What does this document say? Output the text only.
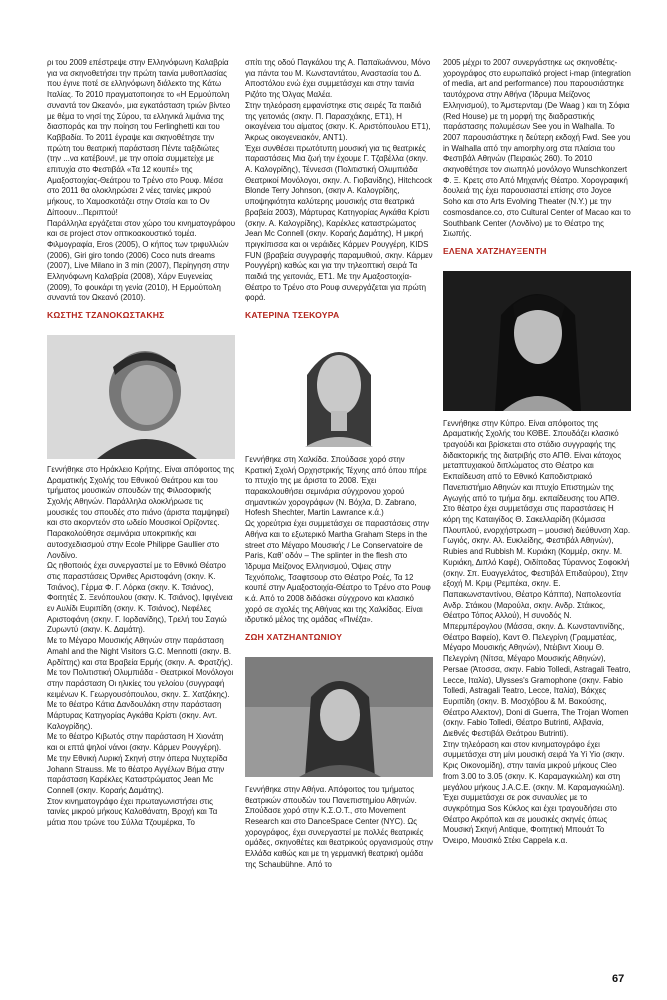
ρι του 2009 επέστρεψε στην Ελληνόφωνη Καλαβρία για να σκηνοθετήσει την πρώτη ταινία μυθοπλασίας που έγινε ποτέ σε ελληνόφωνη διάλεκτο της Κάτω Ιταλίας. Το 2010 πραγματοποιησε το «Η Ερμούπολη συναντά τον Ωκεανό», μια εγκατάσταση τριών βίντεο με θέμα το νησί της Σύρου, τα ελληνικά λιμάνια της διασποράς και την ποίηση του Ferlinghetti και του Καββαδία. Το 2011 έγραψε και σκηνοθέτησε την πρώτη του θεατρική παράσταση Πέντε ταξιδιώτες (την ...να κατέβουν!, με την οποία συμμετείχε με επιτυχία στο Φεστιβάλ «Τα 12 κουπέ» της Αμαξοστοιχίας-Θεάτρου το Τρένο στο Ρουφ. Μέσα στο 2011 θα ολοκληρώσει 2 νέες ταινίες μικρού μήκους, το Χαμοσκοτάζει στην Οτσία και το Ον Δίποουν...Περιπτού!

Παράλληλα εργάζεται στον χώρο του κινηματογράφου και σε project στον οπτικοακουστικό τομέα.

Φιλμογραφία, Eros (2005), Ο κήπος των τριφυλλιών (2006), Giri giro tondo (2006) Coco nuts dreams (2007), Live Milano in 3 min (2007), Περίηγηση στην Ελληνόφωνη Καλαβρία (2008), Χάρν Ευγενείας (2009), Το φουκάρι τη γενία (2010), Η Ερμούπολη συναντά τον Ωκεανό (2010).

ΚΩΣΤΗΣ ΤΖΑΝΟΚΩΣΤΑΚΗΣ

Γεννήθηκε στο Ηράκλειο Κρήτης. Είναι απόφοιτος της Δραματικής Σχολής του Εθνικού Θεάτρου και του τμήματος μουσικών σπουδών της Φιλοσοφικής Σχολής Αθηνών. Παράλληλα ολοκλήρωσε τις μουσικές του σπουδές στο πιάνο (άριστα παμψηφεί) και στο ακορντεόν στο ωδείο Μουσικοί Ορίζοντες. Παρακολούθησε σεμινάρια υποκριτικής και αυτοσχεδιασμού στην Ecole Philippe Gaullier στο Λονδίνο.

Ως ηθοποιός έχει συνεργαστεί με το Εθνικό Θέατρο στις παραστάσεις Όρνιθες Αριστοφάνη (σκην. Κ. Τσιάνος), Γέρμα Φ. Γ. Λόρκα (σκην. Κ. Τσιάνος), Φοιτητές Σ. Ξενόπουλου (σκην. Κ. Τσιάνος), Ιφιγένεια εν Αυλίδι Ευριπίδη (σκην. Κ. Τσιάνος), Νεφέλες Αριστοφάνη (σκην. Γ. Ιορδανίδης), Τρελή του Σαγιώ Ζυρωντύ (σκην. Κ. Δαμάτη).

Με το Μέγαρο Μουσικής Αθηνών στην παράσταση Amahl and the Night Visitors G.C. Mennotti (σκην. Β. Αρδίττης) και στα Βραβεία Ερμής (σκην. Α. Φρατζής).

Με τον Πολιτιστική Ολυμπιάδα - Θεατρικοί Μονόλογοι στην παράσταση Οι ηλικίες του γελοίου (συγγραφή κειμένων Κ. Γεωργουσόπουλου, σκην. Σ. Χατζάκης).

Με το θέατρο Κάτια Δανδουλάκη στην παράσταση Μάρτυρας Κατηγορίας Αγκάθα Κρίστι (σκην. Αντ. Καλογρίδης).

Με το θέατρο Κιβωτός στην παράσταση Η Χιονάτη και οι επτά ψηλοί νάνοι (σκην. Κάρμεν Ρουγγέρη).

Με την Εθνική Λυρική Σκηνή στην όπερα Νυχτερίδα Johann Strauss. Με το θέατρο Αγγέλων Βήμα στην παράσταση Καρέκλες Καταστρώματος Jean Mc Connell (σκην. Κοραής Δαμάτης).

Στον κινηματογράφο έχει πρωταγωνιστήσει στις ταινίες μικρού μήκους Καλοθάνατη, Βροχή και Τα μάτια που τρώνε του Σύλλα Τζουμέρκα, Το

σπίτι της οδού Παγκάλου της Α. Παπαϊωάννου, Μόνο για πάντα του Μ. Κωνσταντάτου, Αναστασία του Δ. Αποστόλου ενώ έχει συμμετάσχει και στην ταινία Ριζότο της Όλγας Μαλέα.

Στην τηλεόραση εμφανίστηκε στις σειρές Τα παιδιά της γειτονιάς (σκην. Π. Παρασχάκης, ΕΤ1), Η οικογένεια του αίματος (σκην. Κ. Αριστόπουλου ΕΤ1), Άκρως οικογενειακόν, ΑΝΤ1).

Έχει συνθέσει πρωτότυπη μουσική για τις θεατρικές παραστάσεις Μια ζωή την έχουμε Γ. Τζαβέλλα (σκην. Α. Καλογρίδης), Τέννεσσι (Πολιτιστική Ολυμπιάδα Θεατρικοί Μονόλογοι, σκην. Λ. Γιοβανίδης), Hitchcock Blonde Terry Johnson, (σκην Α. Καλογρίδης, υποψηφιότητα καλύτερης μουσικής στα θεατρικά βραβεία 2003), Μάρτυρας Κατηγορίας Αγκάθα Κρίστι (σκην. Α. Καλογρίδης), Καρέκλες καταστρώματος Jean Mc Connell (σκην. Κοραής Δαμάτης), Η μικρή πριγκίπισσα και οι νεράιδες Κάρμεν Ρουγγέρη, KIDS FUN (βραβεία συγγραφής παραμυθιού, σκην. Κάρμεν Ρουγγέρη) καθώς και για την τηλεοπτική σειρά Τα παιδιά της γειτονιάς, ΕΤ1. Με την Αμαξοστοιχία-Θέατρο το Τρένο στο Ρουφ συνεργάζεται για πρώτη φορά.

ΚΑΤΕΡΙΝΑ ΤΣΕΚΟΥΡΑ

Γεννήθηκε στη Χαλκίδα. Σπούδασε χορό στην Κρατική Σχολή Ορχηστρικής Τέχνης από όπου πήρε το πτυχίο της με άριστα το 2008. Έχει παρακολουθήσει σεμινάρια σύγχρονου χορού σημαντικών χορογράφων (Ν. Βόχλα, D. Zabrano, Hofesh Shechter, Martin Lawrance κ.ά.)

Ως χορεύτρια έχει συμμετάσχει σε παραστάσεις στην Αθήνα και το εξωτερικό Martha Graham Steps in the street στο Μέγαρο Μουσικής / Le Conservatoire de Paris, Καθ' οδόν – The splinter in the flesh στο Ίδρυμα Μείζονος Ελληνισμού, Όψεις στην Τεχνόπολις, Τσαφτσουρ στο Θέατρο Ροές, Τα 12 κουπέ στην Αμαξοστοιχία-Θέατρο το Τρένο στο Ρουφ κ.ά. Από το 2008 διδάσκει σύγχρονο και κλασικό χορό σε σχολές της Αθήνας και της Χαλκίδας. Είναι ιδρυτικό μέλος της ομάδας «Πινέζα».

ΖΩΗ ΧΑΤΖΗΑΝΤΩΝΙΟΥ

Γεννήθηκε στην Αθήνα. Απόφοιτος του τμήματος θεατρικών σπουδών του Πανεπιστημίου Αθηνών. Σπούδασε χορό στην Κ.Σ.Ο.Τ., στο Movement Research και στο DanceSpace Center (NYC). Ως χορογράφος, έχει συνεργαστεί με πολλές θεατρικές ομάδες, σκηνοθέτες και θεατρικούς οργανισμούς στην Ελλάδα καθώς και με τη γερμανική θεατρική ομάδα της Schaubühne. Από το

2005 μέχρι το 2007 συνεργάστηκε ως σκηνοθέτις-χορογράφος στο ευρωπαϊκό project i-map (integration of media, art and performance) που παρουσιάστηκε ταυτόχρονα στην Αθήνα (Ίδρυμα Μείζονος Ελληνισμού), το Άμστερνταμ (De Waag ) και τη Σόφια (Red House) με τη μορφή της διαδραστικής παράστασης πολυμέσων See you in Walhalla. Το 2007 παρουσιάστηκε η δεύτερη εκδοχή Fwd. See you in Walhalla από την amorphy.org στα πλαίσια του Φεστιβάλ Αθηνών (Πειραιώς 260). Το 2010 σκηνοθέτησε τον σιωπηλό μονόλογο Wunschkonzert Φ. Ξ. Κρετς στο Από Μηχανής Θέατρο. Χορογραφική δουλειά της έχει παρουσιαστεί επίσης στο Joyce Soho και στο Arts Evolving Theater (N.Y.) με την cosmosdance.co, στο Cultural Center of Macao και το Southbank Center (Λονδίνο) με το Θέατρο της Σιωπής.

ΕΛΕΝΑ ΧΑΤΖΗΑΥΞΕΝΤΗ

Γεννήθηκε στην Κύπρο. Είναι απόφοιτος της Δραματικής Σχολής του ΚΘΒΕ. Σπουδάζει κλασικό τραγούδι και βρίσκεται στο στάδιο συγγραφής της διδακτορικής της διατριβής στο ΑΠΘ. Είναι κάτοχος μεταπτυχιακού διπλώματος στο Θέατρο και Εκπαίδευση από το Εθνικό Καποδιστριακό Πανεπιστήμιο Αθηνών και πτυχίο Επιστημών της Αγωγής από το τμήμα δημ. εκπαίδευσης του ΑΠΘ.

Στο θέατρο έχει συμμετάσχει στις παραστάσεις Η κόρη της Καταιγίδος Θ. Σακελλαρίδη (Κόμισσα Πλουπλού, ενορχήστρωση – μουσική διεύθυνση Χαρ. Γωγιός, σκην. Αλ. Ευκλείδης, Φεστιβάλ Αθηνών), Rubies and Rubbish Μ. Κυριάκη (Κομμέρ, σκην. Μ. Κυριάκη, Διπλό Καφέ), Οιδίποδας Τύραννος Σοφοκλή (σκην. Σπ. Ευαγγελάτος, Φεστιβάλ Επιδαύρου), Στην εξοχή Μ. Κριμ (Ρεμπέκα, σκην. Ε. Παπακωνσταντίνου, Θέατρο Κάππα), Ναπολεοντία Ανδρ. Στάικου (Μαρούλα, σκην. Ανδρ. Στάικος, Θέατρο Τόπος Αλλού), Η συνοδός Ν. Μπερμπέρογλου (Μάσσα, σκην. Δ. Κωνσταντινίδης, Θέατρο Βαφείο), Καντ Θ. Πελεγρίνη (Γραμματέας, Μέγαρο Μουσικής Αθηνών), Ντέιβιντ Χιουμ Θ. Πελεγρίνη (Νίτσα, Μέγαρο Μουσικής Αθηνών), Persae (Άτοσσα, σκην. Fabio Tolledi, Astragali Teatro, Lecce, Ιταλία), Ulysses's Gramophone (σκην. Fabio Tolledi, Astragali Teatro, Lecce, Ιταλία), Βάκχες Ευριπίδη (σκην. Β. Μοσχόβου & Μ. Βακούσης, Θέατρο Αλεκτον), Doni di Guerra, The Trojan Women (σκην. Fabio Tolledi, Θέατρο Butrinti, Αλβανία, Διεθνές Φεστιβάλ Θεάτρου Butrinti).

Στην τηλεόραση και στον κινηματογράφο έχει συμμετάσχει στη μίνι μουσική σειρά Ya Yi Yio (σκην. Κρις Οικονομίδη), στην ταινία μικρού μήκους Cleo from 3.00 to 3.05 (σκην. Κ. Καραμαγκιώλη) και στη μεγάλου μήκους J.A.C.E. (σκην. Μ. Καραμαγκιώλη).

Έχει συμμετάσχει σε ροκ συναυλίες με το συγκρότημα Sos Κύκλος και έχει τραγουδήσει στο Θέατρο Ακρόπολ και σε μουσικές σκηνές όπως Μουσική Σκηνή Antique, Φοιτητική Μπουάτ Το Όνειρο, Μουσικό Στέκι Cappela κ.α.

67
